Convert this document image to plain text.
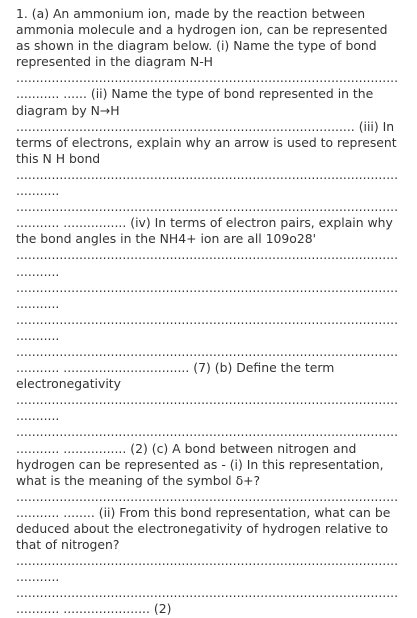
1. (a) An ammonium ion, made by the reaction between ammonia molecule and a hydrogen ion, can be represented as shown in the diagram below. (i) Name the type of bond represented in the diagram N-H ............................................................................................................ ...... (ii) Name the type of bond represented in the diagram by N→H ...................................................................................... (iii) In terms of electrons, explain why an arrow is used to represent this N H bond ............................................................................................................ ............................................................................................................ ................ (iv) In terms of electron pairs, explain why the bond angles in the NH4+ ion are all 109o28' ............................................................................................................ ............................................................................................................ ............................................................................................................ ............................................................................................................ ................................ (7) (b) Define the term electronegativity ............................................................................................................ ............................................................................................................ ................ (2) (c) A bond between nitrogen and hydrogen can be represented as - (i) In this representation, what is the meaning of the symbol δ+? ............................................................................................................ ........ (ii) From this bond representation, what can be deduced about the electronegativity of hydrogen relative to that of nitrogen? ............................................................................................................ ............................................................................................................ ...................... (2)
